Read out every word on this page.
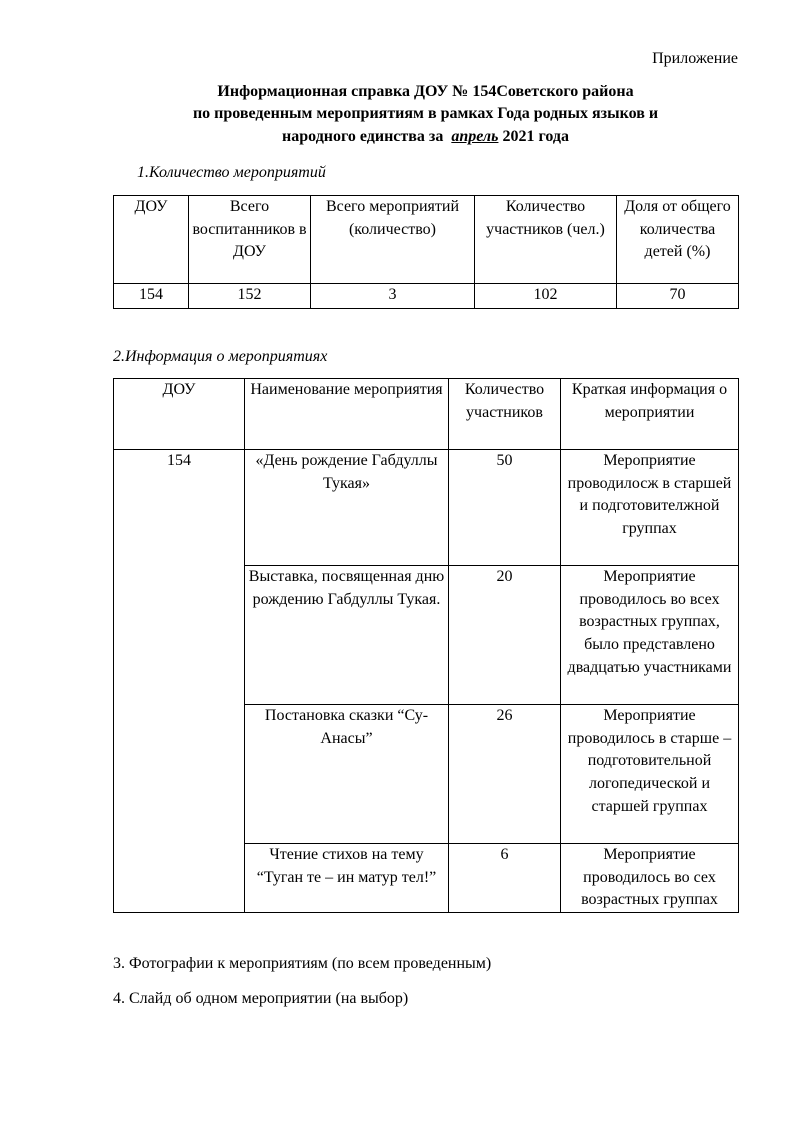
Приложение
Информационная справка ДОУ № 154Советского района
по проведенным мероприятиям в рамках Года родных языков и
народного единства за  апрель 2021 года
1.Количество мероприятий
ДОУ	Всего воспитанников в ДОУ	Всего мероприятий (количество)	Количество участников (чел.)	Доля от общего количества детей (%)
154	152	3	102	70
2.Информация о мероприятиях
ДОУ	Наименование мероприятия	Количество участников	Краткая информация о мероприятии
154	«День рождение Габдуллы Тукая»	50	Мероприятие проводилосж в старшей и подготовителжной группах
	Выставка, посвященная дню рождению Габдуллы Тукая.	20	Мероприятие проводилось во всех возрастных группах, было представлено двадцатью участниками
	Постановка сказки “Су-Анасы”	26	Мероприятие проводилось в старше – подготовительной логопедической и старшей группах
	Чтение стихов на тему “Туган те – ин матур тел!”	6	Мероприятие проводилось во сех возрастных группах
3. Фотографии к мероприятиям (по всем проведенным)
4. Слайд об одном мероприятии (на выбор)
